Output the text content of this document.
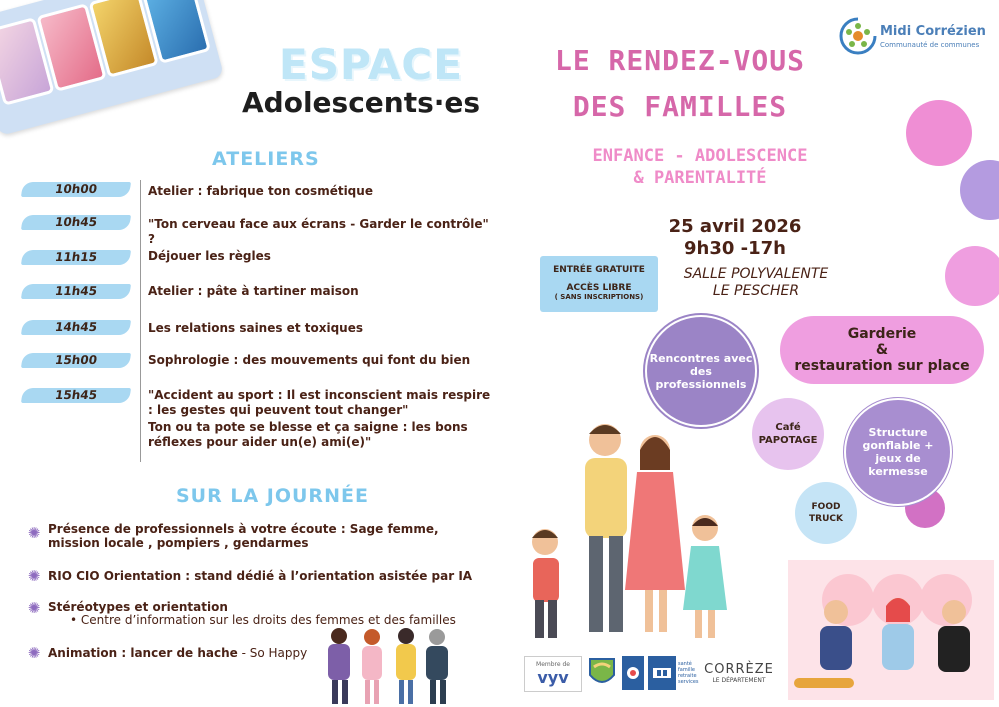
ESPACE
Adolescents·es
ATELIERS
10h00	Atelier : fabrique ton cosmétique
10h45	"Ton cerveau face aux écrans - Garder le contrôle" ?
11h15	Déjouer les règles
11h45	Atelier : pâte à tartiner maison
14h45	Les relations saines et toxiques
15h00	Sophrologie : des mouvements qui font du bien
15h45	"Accident au sport : Il est inconscient mais respire : les gestes qui peuvent tout changer"
Ton ou ta pote se blesse et ça saigne : les bons réflexes pour aider un(e) ami(e)"
SUR LA JOURNÉE
✺ Présence de professionnels à votre écoute : Sage femme, mission locale , pompiers , gendarmes
✺ RIO CIO Orientation : stand dédié à l’orientation asistée par IA
✺ Stéréotypes et orientation
• Centre d’information sur les droits des femmes et des familles
✺ Animation : lancer de hache - So Happy
LE RENDEZ-VOUS
DES FAMILLES
ENFANCE - ADOLESCENCE
& PARENTALITÉ
Midi Corrézien
Communauté de communes
25 avril 2026
9h30 -17h
SALLE POLYVALENTE
LE PESCHER
ENTRÉE GRATUITE
ACCÈS LIBRE
( SANS INSCRIPTIONS)
Rencontres avec des professionnels
Garderie
&
restauration sur place
Café
PAPOTAGE
Structure gonflable + jeux de kermesse
FOOD
TRUCK
Membre de
vyv
santé
famille
retraite
services
CORRÈZE
LE DÉPARTEMENT
